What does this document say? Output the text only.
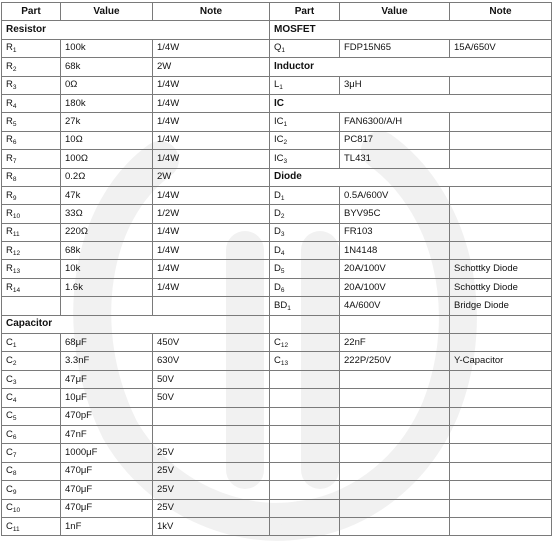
Part	Value	Note	Part	Value	Note
Resistor			MOSFET		
$R_1$	100k	1/4W	$Q_1$	FDP15N65	15A/650V
$R_2$	68k	2W	Inductor		
$R_3$	0Ω	1/4W	$L_1$	3μH	
$R_4$	180k	1/4W	IC		
$R_5$	27k	1/4W	$IC_1$	FAN6300/A/H	
$R_6$	10Ω	1/4W	$IC_2$	PC817	
$R_7$	100Ω	1/4W	$IC_3$	TL431	
$R_8$	0.2Ω	2W	Diode		
$R_9$	47k	1/4W	$D_1$	0.5A/600V	
$R_{10}$	33Ω	1/2W	$D_2$	BYV95C	
$R_{11}$	220Ω	1/4W	$D_3$	FR103	
$R_{12}$	68k	1/4W	$D_4$	1N4148	
$R_{13}$	10k	1/4W	$D_5$	20A/100V	Schottky Diode
$R_{14}$	1.6k	1/4W	$D_6$	20A/100V	Schottky Diode
			$BD_1$	4A/600V	Bridge Diode
Capacitor					
$C_1$	68μF	450V	$C_{12}$	22nF	
$C_2$	3.3nF	630V	$C_{13}$	222P/250V	Y-Capacitor
$C_3$	47μF	50V			
$C_4$	10μF	50V			
$C_5$	470pF				
$C_6$	47nF				
$C_7$	1000μF	25V			
$C_8$	470μF	25V			
$C_9$	470μF	25V			
$C_{10}$	470μF	25V			
$C_{11}$	1nF	1kV			
